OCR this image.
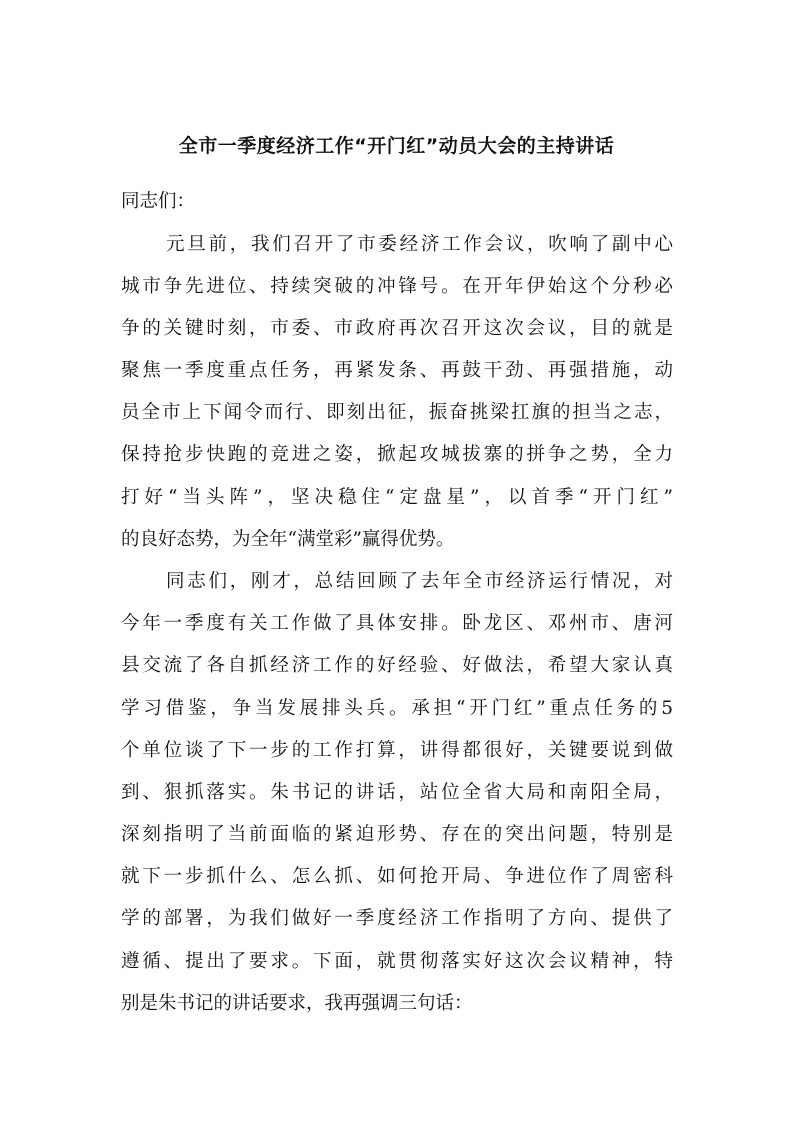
全市一季度经济工作“开门红”动员大会的主持讲话
同志们：
元旦前，我们召开了市委经济工作会议，吹响了副中心
城市争先进位、持续突破的冲锋号。在开年伊始这个分秒必
争的关键时刻，市委、市政府再次召开这次会议，目的就是
聚焦一季度重点任务，再紧发条、再鼓干劲、再强措施，动
员全市上下闻令而行、即刻出征，振奋挑梁扛旗的担当之志，
保持抢步快跑的竞进之姿，掀起攻城拔寨的拼争之势，全力
打好“当头阵”，坚决稳住“定盘星”，以首季“开门红”
的良好态势，为全年“满堂彩”赢得优势。
同志们，刚才，总结回顾了去年全市经济运行情况，对
今年一季度有关工作做了具体安排。卧龙区、邓州市、唐河
县交流了各自抓经济工作的好经验、好做法，希望大家认真
学习借鉴，争当发展排头兵。承担“开门红”重点任务的5
个单位谈了下一步的工作打算，讲得都很好，关键要说到做
到、狠抓落实。朱书记的讲话，站位全省大局和南阳全局，
深刻指明了当前面临的紧迫形势、存在的突出问题，特别是
就下一步抓什么、怎么抓、如何抢开局、争进位作了周密科
学的部署，为我们做好一季度经济工作指明了方向、提供了
遵循、提出了要求。下面，就贯彻落实好这次会议精神，特
别是朱书记的讲话要求，我再强调三句话：
